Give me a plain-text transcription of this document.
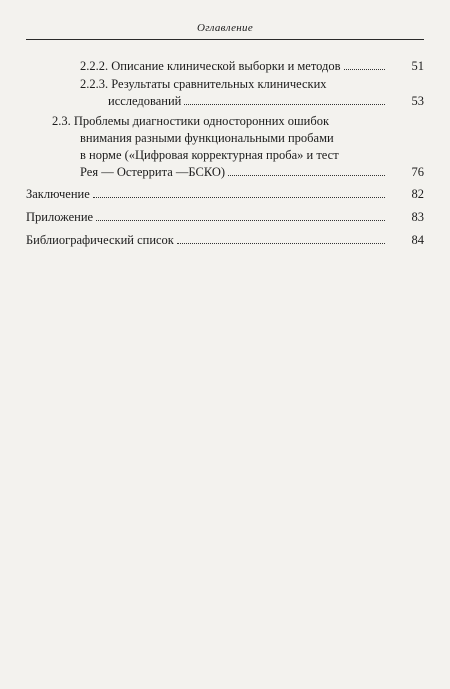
Оглавление
2.2.2. Описание клинической выборки и методов	51
2.2.3. Результаты сравнительных клинических
исследований	53
2.3. Проблемы диагностики односторонних ошибок
внимания разными функциональными пробами
в норме («Цифровая корректурная проба» и тест
Рея — Остеррита —БСКО)	76
Заключение	82
Приложение	83
Библиографический список	84
